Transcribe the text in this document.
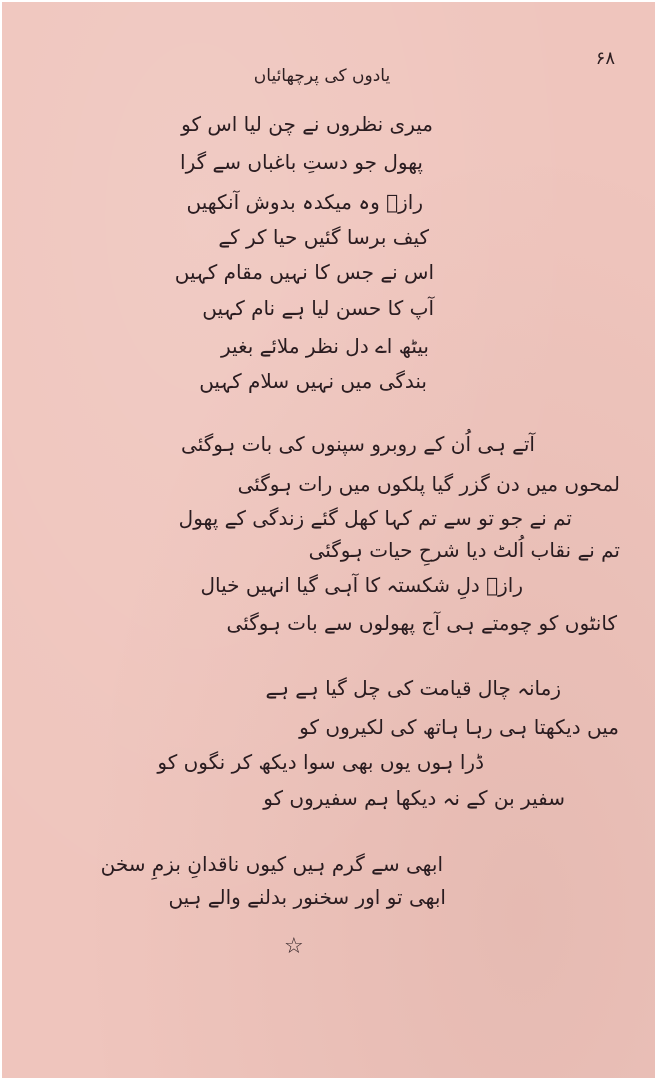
۶۸
یادوں کی پرچھائیاں
میری نظروں نے چن لیا اس کو
پھول جو دستِ باغباں سے گرا
رازؔ وہ میکدہ بدوش آنکھیں
کیف برسا گئیں حیا کر کے
اس نے جس کا نہیں مقام کہیں
آپ کا حسن لیا ہے نام کہیں
بیٹھ اے دل نظر ملائے بغیر
بندگی میں نہیں سلام کہیں
آتے ہی اُن کے روبرو سپنوں کی بات ہوگئی
لمحوں میں دن گزر گیا پلکوں میں رات ہوگئی
تم نے جو تو سے تم کہا کھل گئے زندگی کے پھول
تم نے نقاب اُلٹ دیا شرحِ حیات ہوگئی
رازؔ دلِ شکستہ کا آہی گیا انہیں خیال
کانٹوں کو چومتے ہی آج پھولوں سے بات ہوگئی
زمانہ چال قیامت کی چل گیا ہے ہے
میں دیکھتا ہی رہا ہاتھ کی لکیروں کو
ڈرا ہوں یوں بھی سوا دیکھ کر نگوں کو
سفیر بن کے نہ دیکھا ہم سفیروں کو
ابھی سے گرم ہیں کیوں ناقدانِ بزمِ سخن
ابھی تو اور سخنور بدلنے والے ہیں
☆
